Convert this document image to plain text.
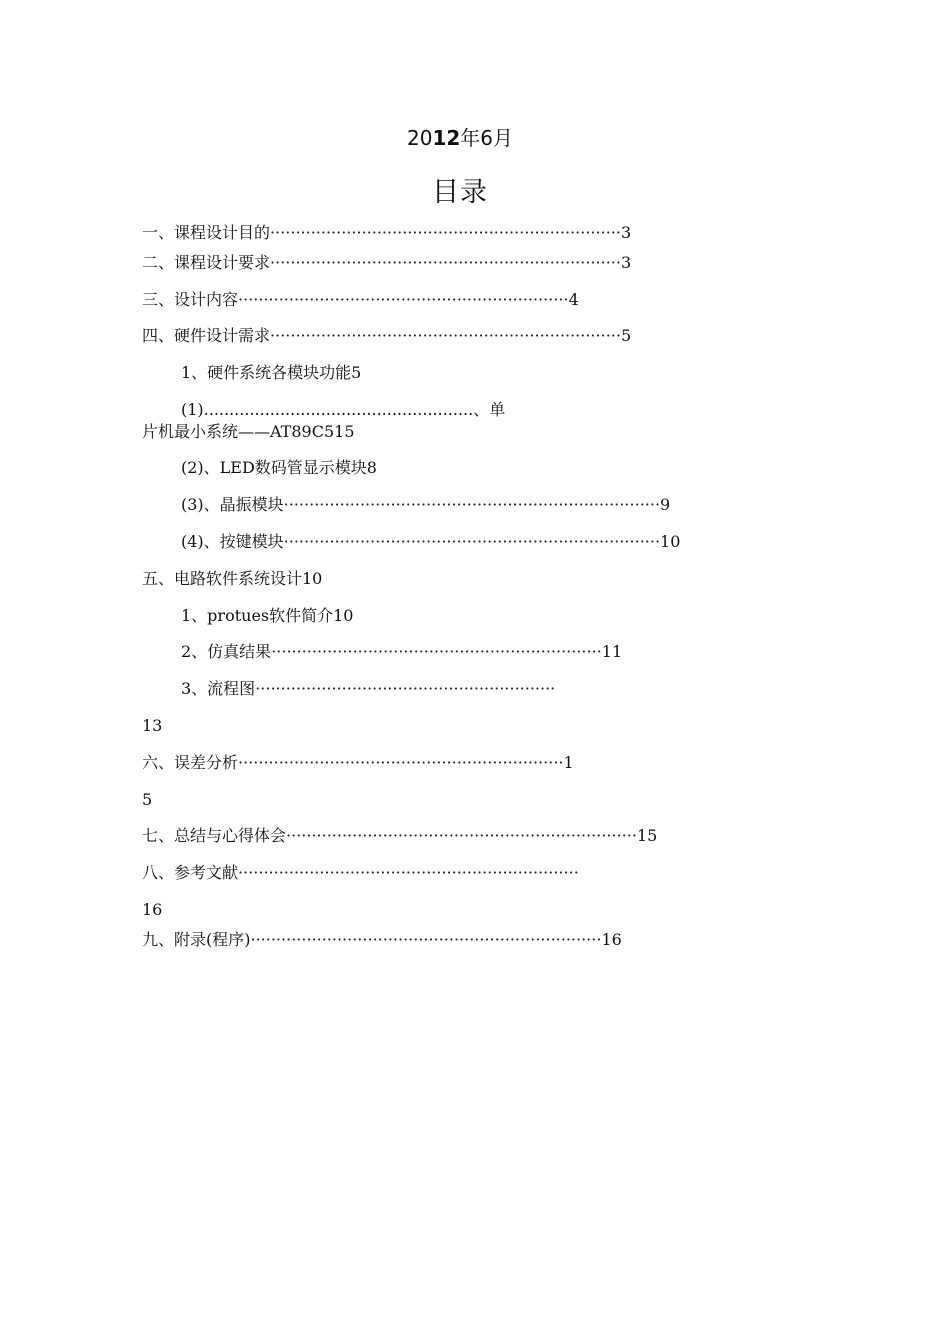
2012年6月
目录
一、课程设计目的·····································································3
二、课程设计要求·····································································3
三、设计内容·································································4
四、硬件设计需求·····································································5
1、硬件系统各模块功能5
(1).....................................................、单
片机最小系统——AT89C515
(2)、LED数码管显示模块8
(3)、晶振模块··········································································9
(4)、按键模块··········································································10
五、电路软件系统设计10
1、protues软件简介10
2、仿真结果·································································11
3、流程图···························································
13
六、误差分析································································1
5
七、总结与心得体会·····································································15
八、参考文献···································································
16
九、附录(程序)·····································································16
